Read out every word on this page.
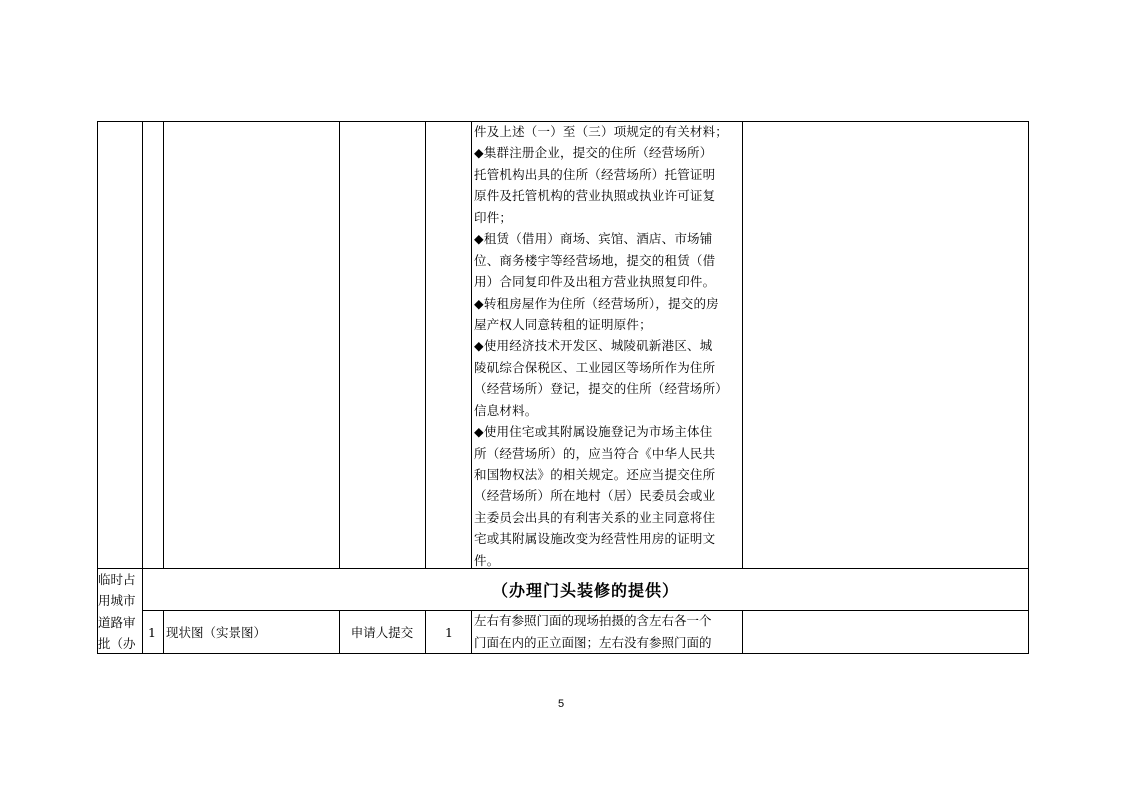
件及上述（一）至（三）项规定的有关材料；
◆集群注册企业，提交的住所（经营场所）
托管机构出具的住所（经营场所）托管证明
原件及托管机构的营业执照或执业许可证复
印件；
◆租赁（借用）商场、宾馆、酒店、市场铺
位、商务楼宇等经营场地，提交的租赁（借
用）合同复印件及出租方营业执照复印件。
◆转租房屋作为住所（经营场所），提交的房
屋产权人同意转租的证明原件；
◆使用经济技术开发区、城陵矶新港区、城
陵矶综合保税区、工业园区等场所作为住所
（经营场所）登记，提交的住所（经营场所）
信息材料。
◆使用住宅或其附属设施登记为市场主体住
所（经营场所）的，应当符合《中华人民共
和国物权法》的相关规定。还应当提交住所
（经营场所）所在地村（居）民委员会或业
主委员会出具的有利害关系的业主同意将住
宅或其附属设施改变为经营性用房的证明文
件。
临时占
用城市
道路审
批（办
（办理门头装修的提供）
1 现状图（实景图）	申请人提交	1
左右有参照门面的现场拍摄的含左右各一个
门面在内的正立面图；左右没有参照门面的
5
